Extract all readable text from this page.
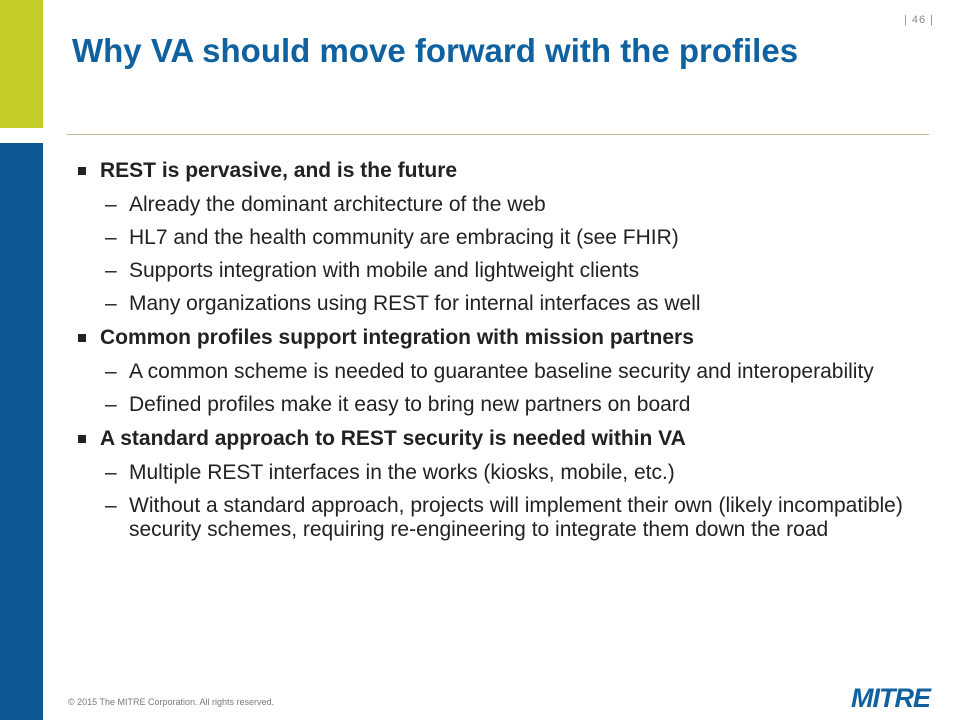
| 46 |
Why VA should move forward with the profiles
REST is pervasive, and is the future
– Already the dominant architecture of the web
– HL7 and the health community are embracing it (see FHIR)
– Supports integration with mobile and lightweight clients
– Many organizations using REST for internal interfaces as well
Common profiles support integration with mission partners
– A common scheme is needed to guarantee baseline security and interoperability
– Defined profiles make it easy to bring new partners on board
A standard approach to REST security is needed within VA
– Multiple REST interfaces in the works (kiosks, mobile, etc.)
– Without a standard approach, projects will implement their own (likely incompatible) security schemes, requiring re-engineering to integrate them down the road
© 2015 The MITRE Corporation. All rights reserved.	MITRE
